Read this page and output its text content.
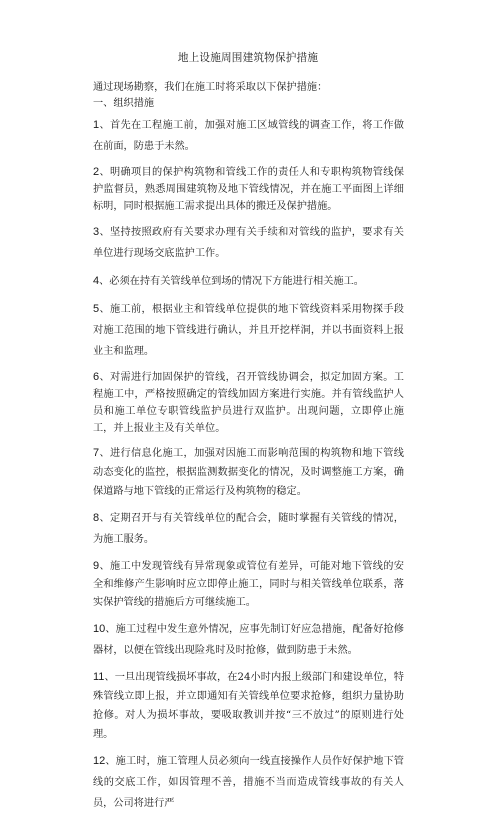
地上设施周围建筑物保护措施

通过现场勘察，我们在施工时将采取以下保护措施：

一、组织措施

1、首先在工程施工前，加强对施工区域管线的调查工作，将工作做在前面，防患于未然。

2、明确项目的保护构筑物和管线工作的责任人和专职构筑物管线保护监督员，熟悉周围建筑物及地下管线情况，并在施工平面图上详细标明，同时根据施工需求提出具体的搬迁及保护措施。

3、坚持按照政府有关要求办理有关手续和对管线的监护，要求有关单位进行现场交底监护工作。

4、必须在持有关管线单位到场的情况下方能进行相关施工。

5、施工前，根据业主和管线单位提供的地下管线资料采用物探手段对施工范围的地下管线进行确认，并且开挖样洞，并以书面资料上报业主和监理。

6、对需进行加固保护的管线，召开管线协调会，拟定加固方案。工程施工中，严格按照确定的管线加固方案进行实施。并有管线监护人员和施工单位专职管线监护员进行双监护。出现问题，立即停止施工，并上报业主及有关单位。

7、进行信息化施工，加强对因施工而影响范围的构筑物和地下管线动态变化的监控，根据监测数据变化的情况，及时调整施工方案，确保道路与地下管线的正常运行及构筑物的稳定。

8、定期召开与有关管线单位的配合会，随时掌握有关管线的情况，为施工服务。

9、施工中发现管线有异常现象或管位有差异，可能对地下管线的安全和维修产生影响时应立即停止施工，同时与相关管线单位联系，落实保护管线的措施后方可继续施工。

10、施工过程中发生意外情况，应事先制订好应急措施，配备好抢修器材，以便在管线出现险兆时及时抢修，做到防患于未然。

11、一旦出现管线损坏事故，在24小时内报上级部门和建设单位，特殊管线立即上报，并立即通知有关管线单位要求抢修，组织力量协助抢修。对人为损坏事故，要吸取教训并按“三不放过”的原则进行处理。

12、施工时，施工管理人员必须向一线直接操作人员作好保护地下管线的交底工作，如因管理不善，措施不当而造成管线事故的有关人员，公司将进行严
